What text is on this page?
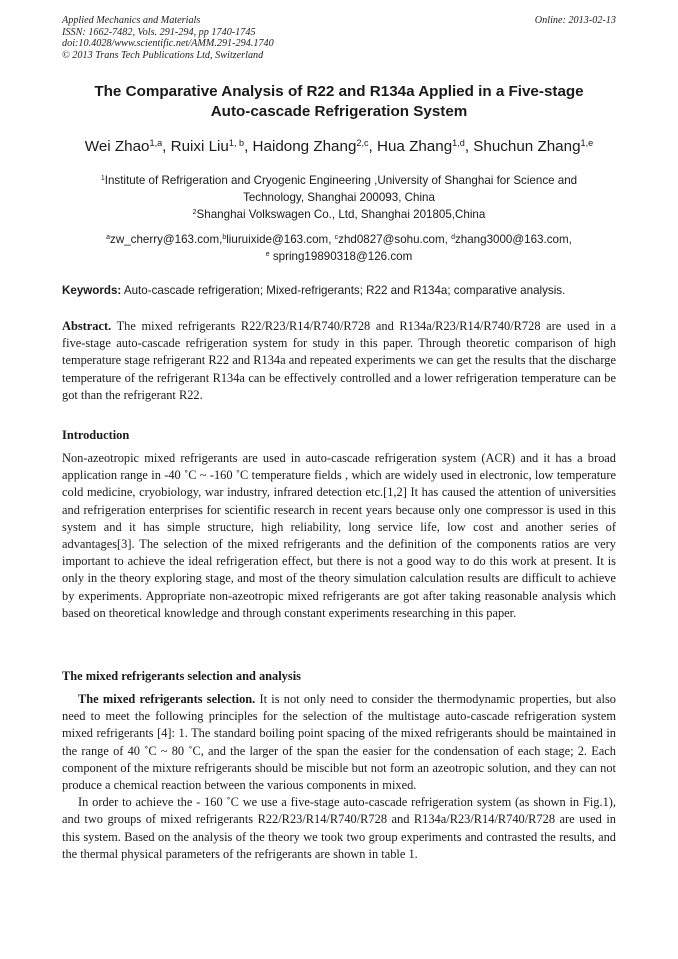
Applied Mechanics and Materials
ISSN: 1662-7482, Vols. 291-294, pp 1740-1745
doi:10.4028/www.scientific.net/AMM.291-294.1740
© 2013 Trans Tech Publications Ltd, Switzerland
Online: 2013-02-13
The Comparative Analysis of R22 and R134a Applied in a Five-stage
Auto-cascade Refrigeration System
Wei Zhao$^{1,a}$, Ruixi Liu$^{1, b}$, Haidong Zhang$^{2,c}$, Hua Zhang$^{1,d}$, Shuchun Zhang$^{1,e}$
$^1$Institute of Refrigeration and Cryogenic Engineering ,University of Shanghai for Science and
Technology, Shanghai 200093, China
$^2$Shanghai Volkswagen Co., Ltd, Shanghai 201805,China
$^a$zw_cherry@163.com,$^b$liuruixide@163.com, $^c$zhd0827@sohu.com, $^d$zhang3000@163.com,
$^e$ spring19890318@126.com
Keywords: Auto-cascade refrigeration; Mixed-refrigerants; R22 and R134a; comparative analysis.

Abstract. The mixed refrigerants R22/R23/R14/R740/R728 and R134a/R23/R14/R740/R728 are used in a five-stage auto-cascade refrigeration system for study in this paper. Through theoretic comparison of high temperature stage refrigerant R22 and R134a and repeated experiments we can get the results that the discharge temperature of the refrigerant R134a can be effectively controlled and a lower refrigeration temperature can be got than the refrigerant R22.

Introduction

Non-azeotropic mixed refrigerants are used in auto-cascade refrigeration system (ACR) and it has a broad application range in -40 ˚C ~ -160 ˚C temperature fields , which are widely used in electronic, low temperature cold medicine, cryobiology, war industry, infrared detection etc.[1,2] It has caused the attention of universities and refrigeration enterprises for scientific research in recent years because only one compressor is used in this system and it has simple structure, high reliability, long service life, low cost and another series of advantages[3]. The selection of the mixed refrigerants and the definition of the components ratios are very important to achieve the ideal refrigeration effect, but there is not a good way to do this work at present. It is only in the theory exploring stage, and most of the theory simulation calculation results are difficult to achieve by experiments. Appropriate non-azeotropic mixed refrigerants are got after taking reasonable analysis which based on theoretical knowledge and through constant experiments researching in this paper.

The mixed refrigerants selection and analysis

The mixed refrigerants selection. It is not only need to consider the thermodynamic properties, but also need to meet the following principles for the selection of the multistage auto-cascade refrigeration system mixed refrigerants [4]: 1. The standard boiling point spacing of the mixed refrigerants should be maintained in the range of 40 ˚C ~ 80 ˚C, and the larger of the span the easier for the condensation of each stage; 2. Each component of the mixture refrigerants should be miscible but not form an azeotropic solution, and they can not produce a chemical reaction between the various components in mixed.

In order to achieve the - 160 ˚C we use a five-stage auto-cascade refrigeration system (as shown in Fig.1), and two groups of mixed refrigerants R22/R23/R14/R740/R728 and R134a/R23/R14/R740/R728 are used in this system. Based on the analysis of the theory we took two group experiments and contrasted the results, and the thermal physical parameters of the refrigerants are shown in table 1.
